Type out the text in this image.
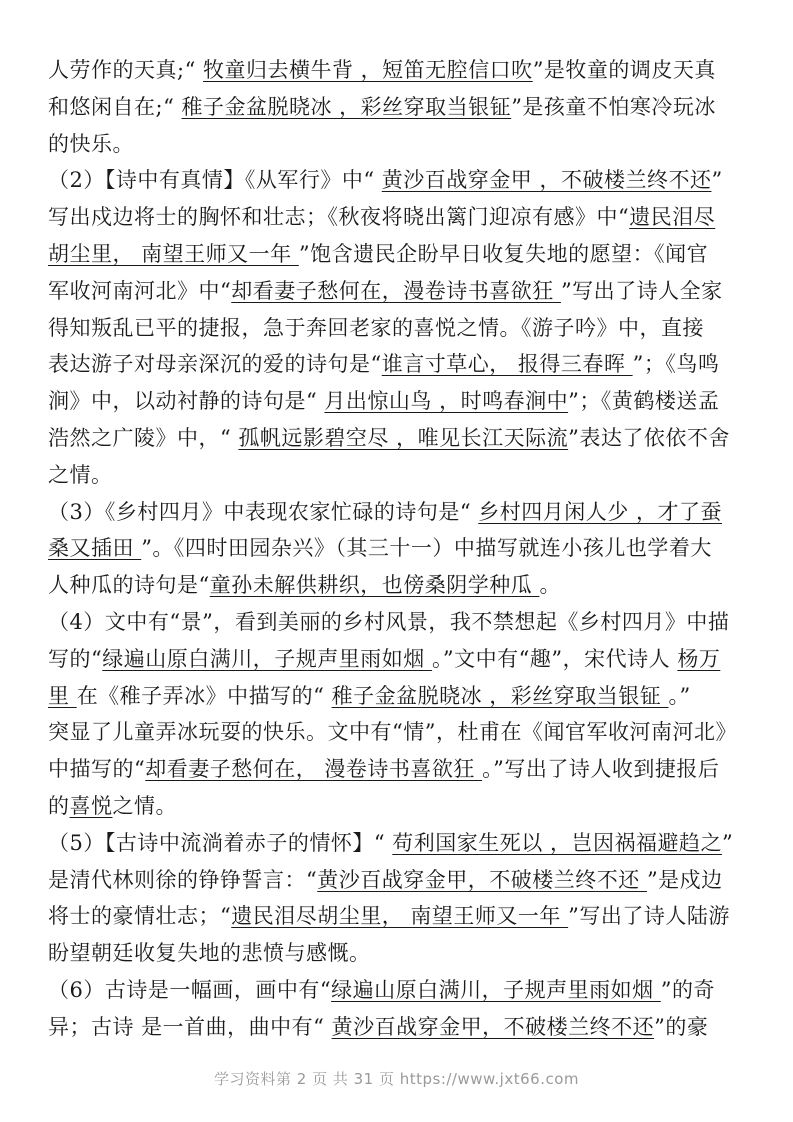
人劳作的天真;“ 牧童归去横牛背 ，短笛无腔信口吹”是牧童的调皮天真
和悠闲自在;“ 稚子金盆脱晓冰 ，彩丝穿取当银钲”是孩童不怕寒冷玩冰
的快乐。
（2）【诗中有真情】《从军行》中“ 黄沙百战穿金甲 ，不破楼兰终不还”
写出戍边将士的胸怀和壮志；《秋夜将晓出篱门迎凉有感》中“遗民泪尽
胡尘里， 南望王师又一年 ”饱含遗民企盼早日收复失地的愿望：《闻官
军收河南河北》中“却看妻子愁何在，漫卷诗书喜欲狂 ”写出了诗人全家
得知叛乱已平的捷报，急于奔回老家的喜悦之情。《游子吟》中，直接
表达游子对母亲深沉的爱的诗句是“谁言寸草心， 报得三春晖 ”；《鸟鸣
涧》中，以动衬静的诗句是“ 月出惊山鸟 ，时鸣春涧中”；《黄鹤楼送孟
浩然之广陵》中，“ 孤帆远影碧空尽 ，唯见长江天际流”表达了依依不舍
之情。
（3）《乡村四月》中表现农家忙碌的诗句是“ 乡村四月闲人少 ，才了蚕
桑又插田 ”。《四时田园杂兴》（其三十一）中描写就连小孩儿也学着大
人种瓜的诗句是“童孙未解供耕织，也傍桑阴学种瓜 。
（4）文中有“景”，看到美丽的乡村风景，我不禁想起《乡村四月》中描
写的“绿遍山原白满川，子规声里雨如烟 。”文中有“趣”，宋代诗人 杨万
里 在《稚子弄冰》中描写的“ 稚子金盆脱晓冰 ，彩丝穿取当银钲 。”
突显了儿童弄冰玩耍的快乐。文中有“情”，杜甫在《闻官军收河南河北》
中描写的“却看妻子愁何在， 漫卷诗书喜欲狂 。”写出了诗人收到捷报后
的喜悦之情。
（5）【古诗中流淌着赤子的情怀】“ 苟利国家生死以 ，岂因祸福避趋之”
是清代林则徐的铮铮誓言：“黄沙百战穿金甲，不破楼兰终不还 ”是戍边
将士的豪情壮志；“遗民泪尽胡尘里， 南望王师又一年 ”写出了诗人陆游
盼望朝廷收复失地的悲愤与感慨。
（6）古诗是一幅画，画中有“绿遍山原白满川，子规声里雨如烟 ”的奇
异；古诗 是一首曲，曲中有“ 黄沙百战穿金甲，不破楼兰终不还”的豪
学习资料第 2 页 共 31 页 https://www.jxt66.com
